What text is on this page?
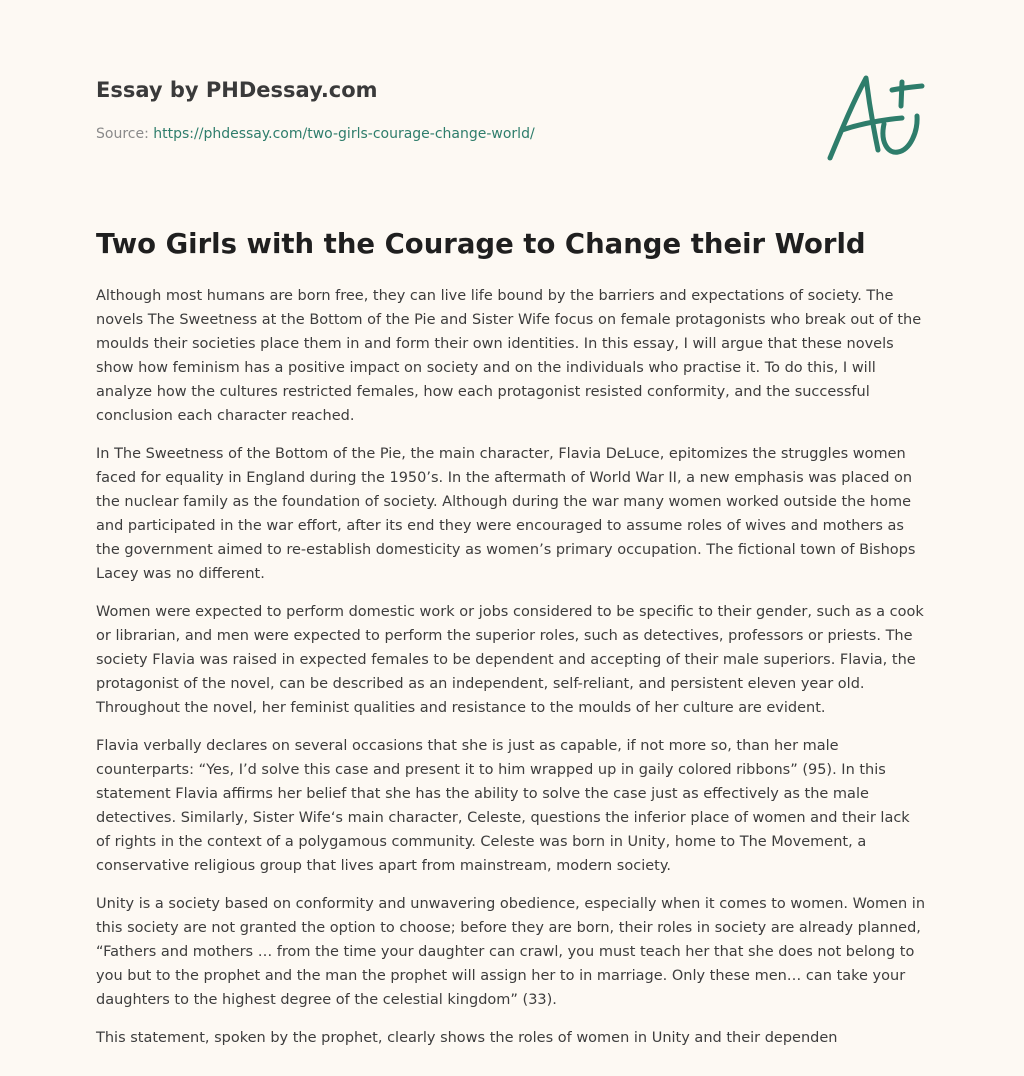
Essay by PHDessay.com
Source: https://phdessay.com/two-girls-courage-change-world/
Two Girls with the Courage to Change their World

Although most humans are born free, they can live life bound by the barriers and expectations of society. The novels The Sweetness at the Bottom of the Pie and Sister Wife focus on female protagonists who break out of the moulds their societies place them in and form their own identities. In this essay, I will argue that these novels show how feminism has a positive impact on society and on the individuals who practise it. To do this, I will analyze how the cultures restricted females, how each protagonist resisted conformity, and the successful conclusion each character reached.

In The Sweetness of the Bottom of the Pie, the main character, Flavia DeLuce, epitomizes the struggles women faced for equality in England during the 1950’s. In the aftermath of World War II, a new emphasis was placed on the nuclear family as the foundation of society. Although during the war many women worked outside the home and participated in the war effort, after its end they were encouraged to assume roles of wives and mothers as the government aimed to re-establish domesticity as women’s primary occupation. The fictional town of Bishops Lacey was no different.

Women were expected to perform domestic work or jobs considered to be specific to their gender, such as a cook or librarian, and men were expected to perform the superior roles, such as detectives, professors or priests. The society Flavia was raised in expected females to be dependent and accepting of their male superiors. Flavia, the protagonist of the novel, can be described as an independent, self-reliant, and persistent eleven year old. Throughout the novel, her feminist qualities and resistance to the moulds of her culture are evident.

Flavia verbally declares on several occasions that she is just as capable, if not more so, than her male counterparts: “Yes, I’d solve this case and present it to him wrapped up in gaily colored ribbons” (95). In this statement Flavia affirms her belief that she has the ability to solve the case just as effectively as the male detectives. Similarly, Sister Wife‘s main character, Celeste, questions the inferior place of women and their lack of rights in the context of a polygamous community. Celeste was born in Unity, home to The Movement, a conservative religious group that lives apart from mainstream, modern society.

Unity is a society based on conformity and unwavering obedience, especially when it comes to women. Women in this society are not granted the option to choose; before they are born, their roles in society are already planned, “Fathers and mothers … from the time your daughter can crawl, you must teach her that she does not belong to you but to the prophet and the man the prophet will assign her to in marriage. Only these men… can take your daughters to the highest degree of the celestial kingdom” (33).

This statement, spoken by the prophet, clearly shows the roles of women in Unity and their dependen
